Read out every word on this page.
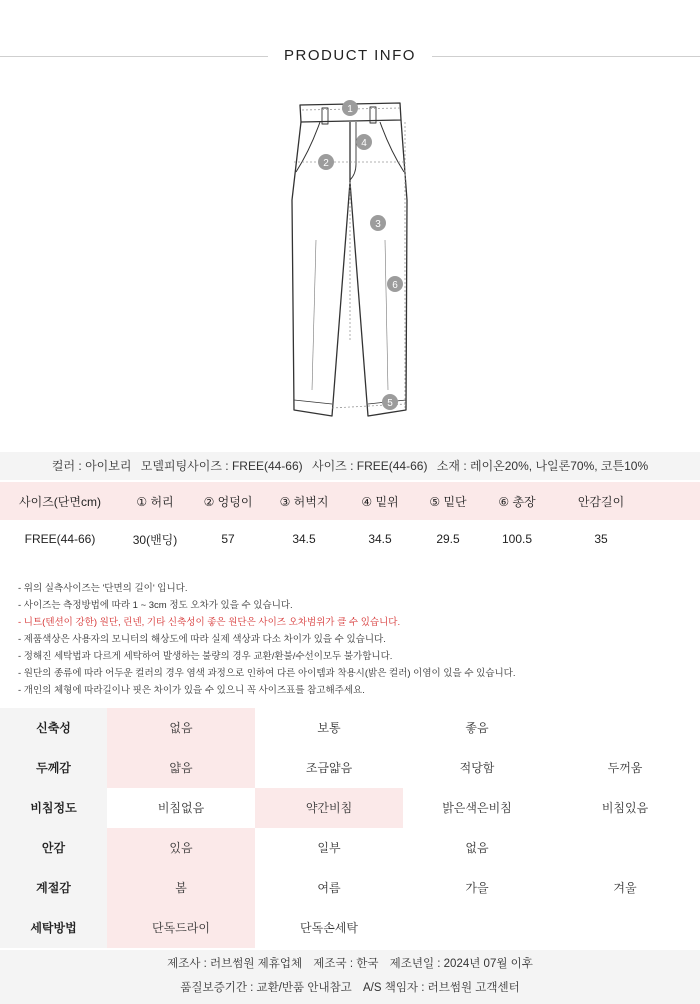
PRODUCT INFO
1
2
3
4
5
6
컬러 : 아이보리 모델피팅사이즈 : FREE(44-66) 사이즈 : FREE(44-66) 소재 : 레이온20%, 나일론70%, 코튼10%
사이즈(단면cm)	① 허리	② 엉덩이	③ 허벅지	④ 밑위	⑤ 밑단	⑥ 총장	안감길이
FREE(44-66)	30(밴딩)	57	34.5	34.5	29.5	100.5	35
- 위의 실측사이즈는 '단면의 길이' 입니다.
- 사이즈는 측정방법에 따라 1 ~ 3cm 정도 오차가 있을 수 있습니다.
- 니트(텐션이 강한) 원단, 린넨, 기타 신축성이 좋은 원단은 사이즈 오차범위가 클 수 있습니다.
- 제품색상은 사용자의 모니터의 해상도에 따라 실제 색상과 다소 차이가 있을 수 있습니다.
- 정해진 세탁법과 다르게 세탁하여 발생하는 불량의 경우 교환/환불/수선이모두 불가합니다.
- 원단의 종류에 따라 어두운 컬러의 경우 염색 과정으로 인하여 다른 아이템과 착용시(밝은 컬러) 이염이 있을 수 있습니다.
- 개인의 체형에 따라길이나 핏은 차이가 있을 수 있으니 꼭 사이즈표를 참고해주세요.
신축성	없음	보통	좋음
두께감	얇음	조금얇음	적당함	두꺼움
비침정도	비침없음	약간비침	밝은색은비침	비침있음
안감	있음	일부	없음
계절감	봄	여름	가을	겨울
세탁방법	단독드라이	단독손세탁
제조사 : 러브썸원 제휴업체 제조국 : 한국 제조년일 : 2024년 07월 이후
품질보증기간 : 교환/반품 안내참고 A/S 책임자 : 러브썸원 고객센터
